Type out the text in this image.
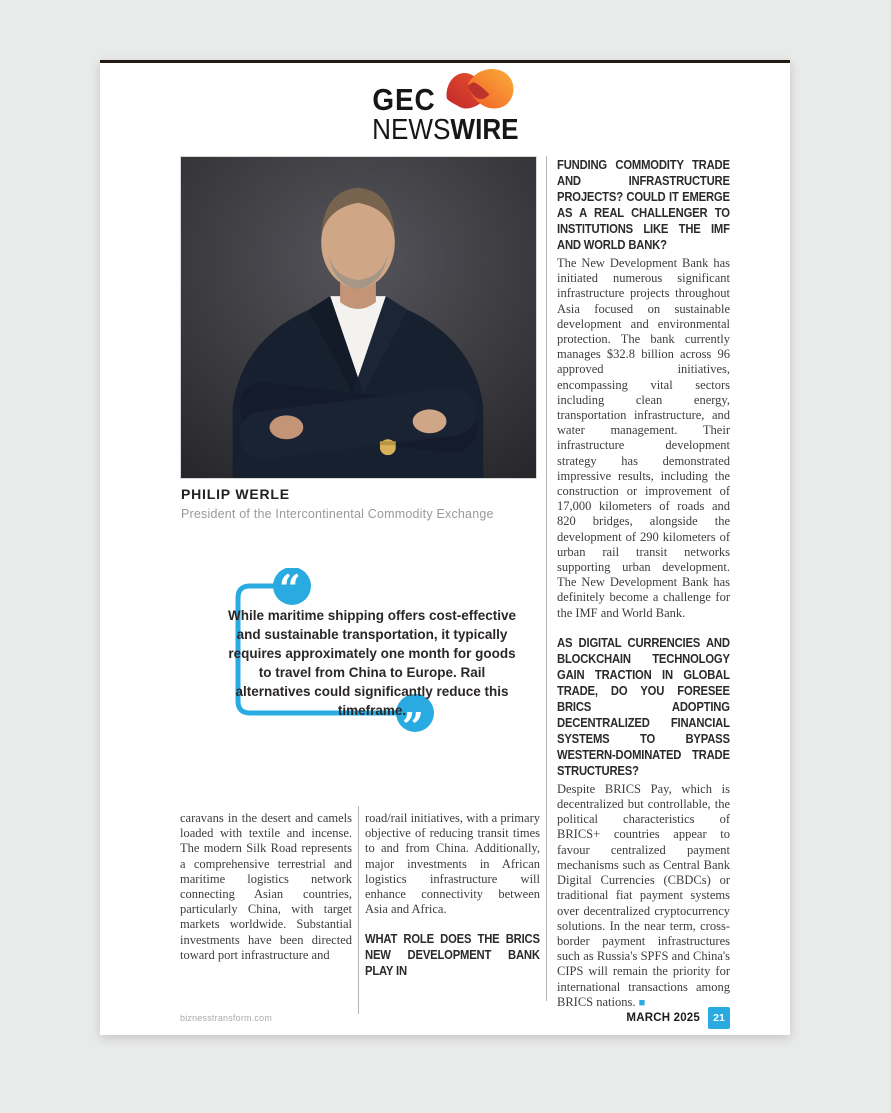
GEC
NEWSWIRE
PHILIP WERLE
President of the Intercontinental Commodity Exchange
“
”
While maritime shipping offers cost-effective and sustainable transportation, it typically requires approximately one month for goods to travel from China to Europe. Rail alternatives could significantly reduce this timeframe.
caravans in the desert and camels loaded with textile and incense. The modern Silk Road represents a comprehensive terrestrial and maritime logistics network connecting Asian countries, particularly China, with target markets worldwide. Substantial investments have been directed toward port infrastructure and
road/rail initiatives, with a primary objective of reducing transit times to and from China. Additionally, major investments in African logistics infrastructure will enhance connectivity between Asia and Africa.
WHAT ROLE DOES THE BRICS NEW DEVELOPMENT BANK PLAY IN
FUNDING COMMODITY TRADE AND INFRASTRUCTURE PROJECTS? COULD IT EMERGE AS A REAL CHALLENGER TO INSTITUTIONS LIKE THE IMF AND WORLD BANK?
The New Development Bank has initiated numerous significant infrastructure projects throughout Asia focused on sustainable development and environmental protection. The bank currently manages $32.8 billion across 96 approved initiatives, encompassing vital sectors including clean energy, transportation infrastructure, and water management. Their infrastructure development strategy has demonstrated impressive results, including the construction or improvement of 17,000 kilometers of roads and 820 bridges, alongside the development of 290 kilometers of urban rail transit networks supporting urban development. The New Development Bank has definitely become a challenge for the IMF and World Bank.
AS DIGITAL CURRENCIES AND BLOCKCHAIN TECHNOLOGY GAIN TRACTION IN GLOBAL TRADE, DO YOU FORESEE BRICS ADOPTING DECENTRALIZED FINANCIAL SYSTEMS TO BYPASS WESTERN-DOMINATED TRADE STRUCTURES?
Despite BRICS Pay, which is decentralized but controllable, the political characteristics of BRICS+ countries appear to favour centralized payment mechanisms such as Central Bank Digital Currencies (CBDCs) or traditional fiat payment systems over decentralized cryptocurrency solutions. In the near term, cross-border payment infrastructures such as Russia's SPFS and China's CIPS will remain the priority for international transactions among BRICS nations. ■
biznesstransform.com	MARCH 2025	21
